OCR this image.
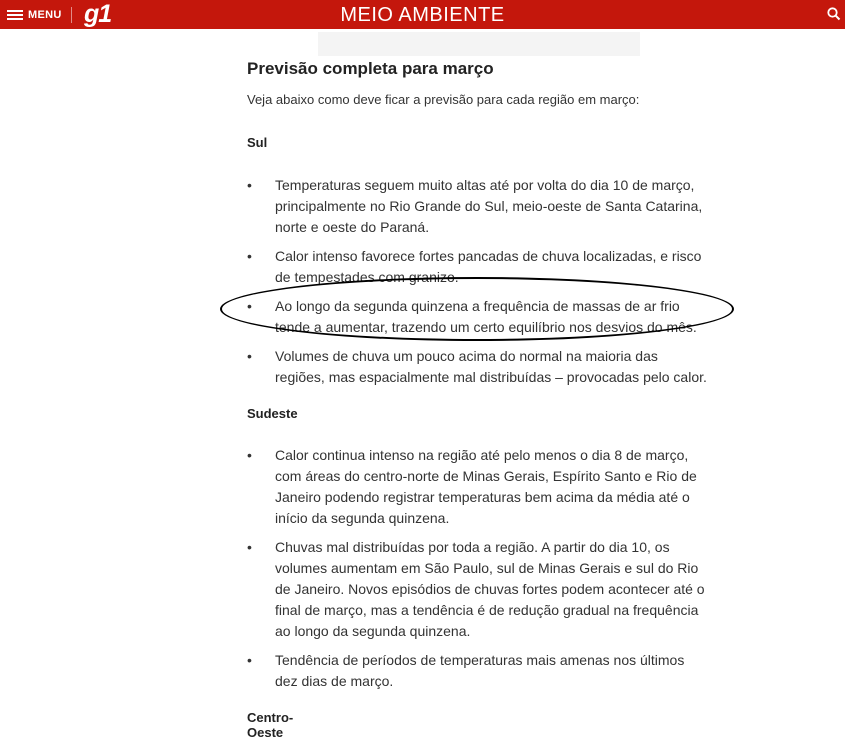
MENU g1	MEIO AMBIENTE
Previsão completa para março

Veja abaixo como deve ficar a previsão para cada região em março:

Sul
• Temperaturas seguem muito altas até por volta do dia 10 de março, principalmente no Rio Grande do Sul, meio-oeste de Santa Catarina, norte e oeste do Paraná.
• Calor intenso favorece fortes pancadas de chuva localizadas, e risco de tempestades com granizo.
• Ao longo da segunda quinzena a frequência de massas de ar frio tende a aumentar, trazendo um certo equilíbrio nos desvios do mês.
• Volumes de chuva um pouco acima do normal na maioria das regiões, mas espacialmente mal distribuídas – provocadas pelo calor.
Sudeste
• Calor continua intenso na região até pelo menos o dia 8 de março, com áreas do centro-norte de Minas Gerais, Espírito Santo e Rio de Janeiro podendo registrar temperaturas bem acima da média até o início da segunda quinzena.
• Chuvas mal distribuídas por toda a região. A partir do dia 10, os volumes aumentam em São Paulo, sul de Minas Gerais e sul do Rio de Janeiro. Novos episódios de chuvas fortes podem acontecer até o final de março, mas a tendência é de redução gradual na frequência ao longo da segunda quinzena.
• Tendência de períodos de temperaturas mais amenas nos últimos dez dias de março.
Centro-Oeste
